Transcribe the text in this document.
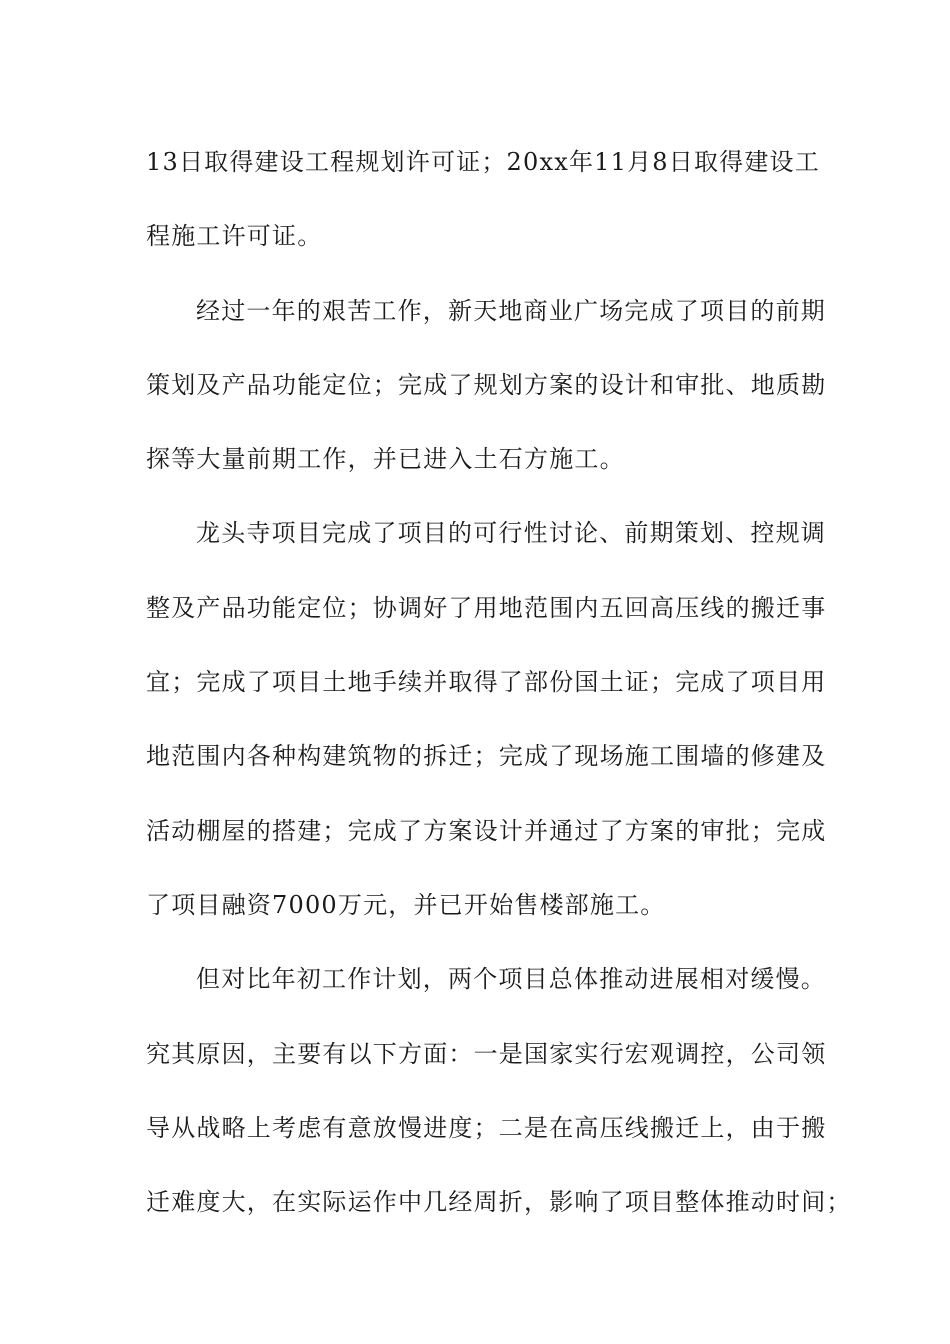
13日取得建设工程规划许可证；20xx年11月8日取得建设工
程施工许可证。
经过一年的艰苦工作，新天地商业广场完成了项目的前期
策划及产品功能定位；完成了规划方案的设计和审批、地质勘
探等大量前期工作，并已进入土石方施工。
龙头寺项目完成了项目的可行性讨论、前期策划、控规调
整及产品功能定位；协调好了用地范围内五回高压线的搬迁事
宜；完成了项目土地手续并取得了部份国土证；完成了项目用
地范围内各种构建筑物的拆迁；完成了现场施工围墙的修建及
活动棚屋的搭建；完成了方案设计并通过了方案的审批；完成
了项目融资7000万元，并已开始售楼部施工。
但对比年初工作计划，两个项目总体推动进展相对缓慢。
究其原因，主要有以下方面：一是国家实行宏观调控，公司领
导从战略上考虑有意放慢进度；二是在高压线搬迁上，由于搬
迁难度大，在实际运作中几经周折，影响了项目整体推动时间；
